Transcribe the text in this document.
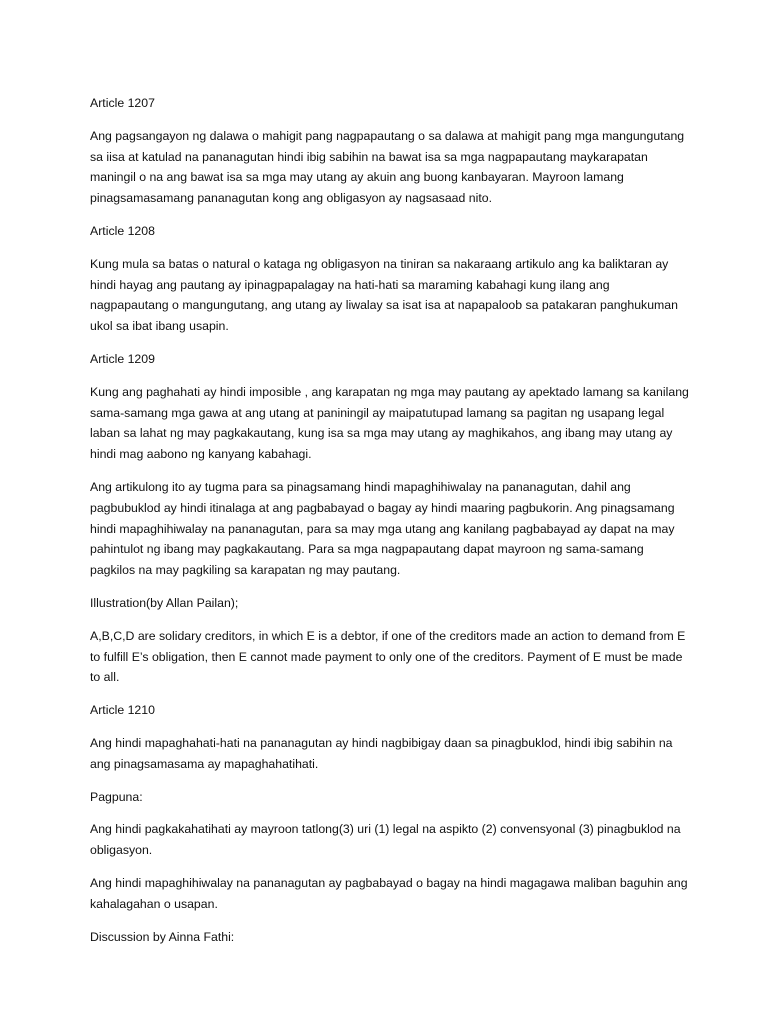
Article 1207

Ang pagsangayon ng dalawa o mahigit pang nagpapautang o sa dalawa at mahigit pang mga mangungutang sa iisa at katulad na pananagutan hindi ibig sabihin na bawat isa sa mga nagpapautang maykarapatan maningil o na ang bawat isa sa mga may utang ay akuin ang buong kanbayaran. Mayroon lamang pinagsamasamang pananagutan kong ang obligasyon ay nagsasaad nito.

Article 1208

Kung mula sa batas o natural o kataga ng obligasyon na tiniran sa nakaraang artikulo ang ka baliktaran ay hindi hayag ang pautang ay ipinagpapalagay na hati-hati sa maraming kabahagi kung ilang ang nagpapautang o mangungutang, ang utang ay liwalay sa isat isa at napapaloob sa patakaran panghukuman ukol sa ibat ibang usapin.

Article 1209

Kung ang paghahati ay hindi imposible , ang karapatan ng mga may pautang ay apektado lamang sa kanilang sama-samang mga gawa at ang utang at paniningil ay maipatutupad lamang sa pagitan ng usapang legal laban sa lahat ng may pagkakautang, kung isa sa mga may utang ay maghikahos, ang ibang may utang ay hindi mag aabono ng kanyang kabahagi.

Ang artikulong ito ay tugma para sa pinagsamang hindi mapaghihiwalay na pananagutan, dahil ang pagbubuklod ay hindi itinalaga at ang pagbabayad o bagay ay hindi maaring pagbukorin. Ang pinagsamang hindi mapaghihiwalay na pananagutan, para sa may mga utang ang kanilang pagbabayad ay dapat na may pahintulot ng ibang may pagkakautang. Para sa mga nagpapautang dapat mayroon ng sama-samang pagkilos na may pagkiling sa karapatan ng may pautang.

Illustration(by Allan Pailan);

A,B,C,D are solidary creditors, in which E is a debtor, if one of the creditors made an action to demand from E to fulfill E’s obligation, then E cannot made payment to only one of the creditors. Payment of E must be made to all.

Article 1210

Ang hindi mapaghahati-hati na pananagutan ay hindi nagbibigay daan sa pinagbuklod, hindi ibig sabihin na ang pinagsamasama ay mapaghahatihati.

Pagpuna:

Ang hindi pagkakahatihati ay mayroon tatlong(3) uri (1) legal na aspikto (2) convensyonal (3) pinagbuklod na obligasyon.

Ang hindi mapaghihiwalay na pananagutan ay pagbabayad o bagay na hindi magagawa maliban baguhin ang kahalagahan o usapan.

Discussion by Ainna Fathi:
